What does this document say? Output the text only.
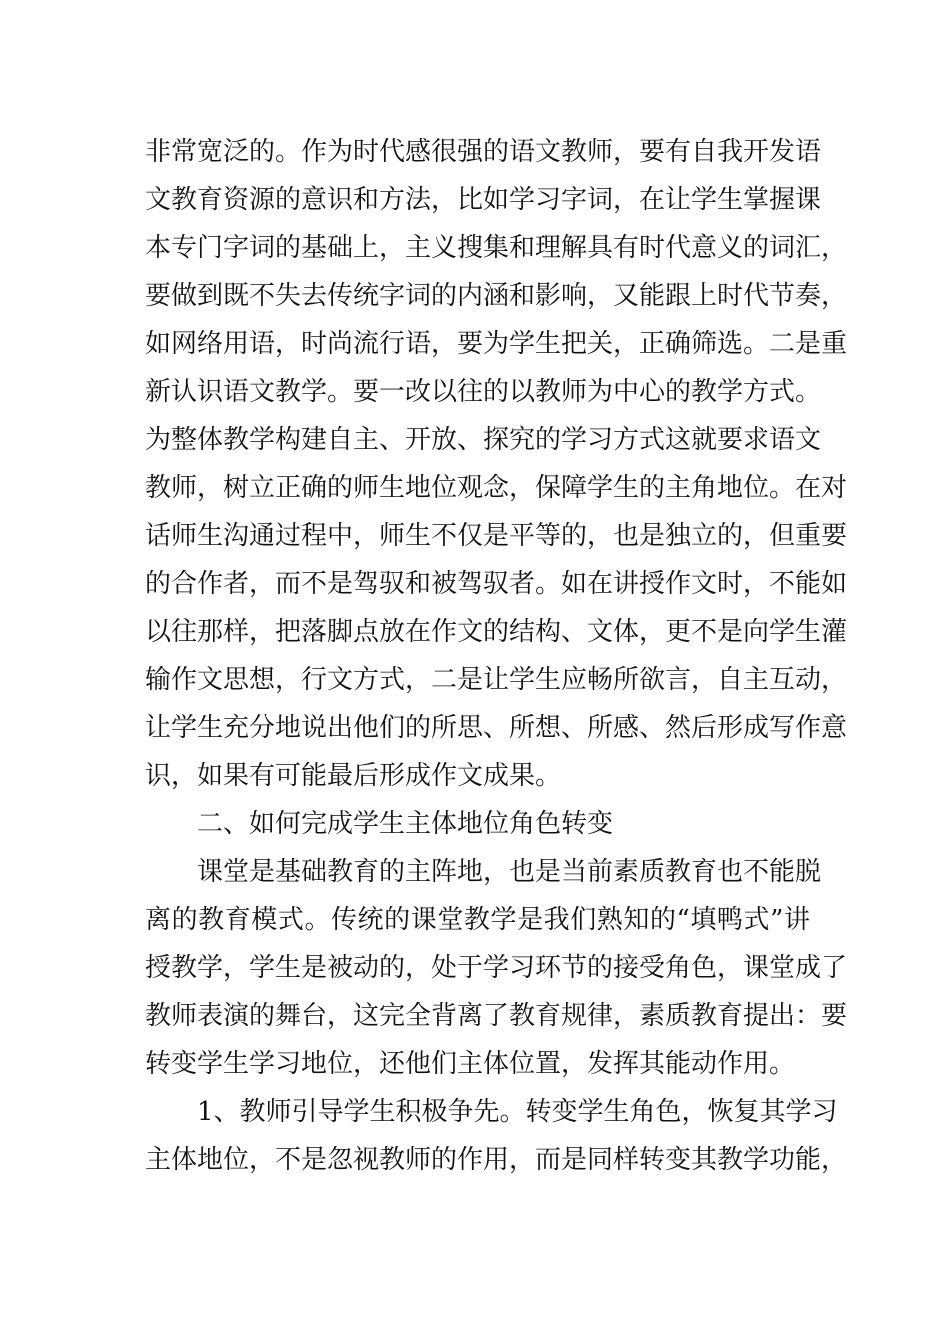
非常宽泛的。作为时代感很强的语文教师，要有自我开发语
文教育资源的意识和方法，比如学习字词，在让学生掌握课
本专门字词的基础上，主义搜集和理解具有时代意义的词汇，
要做到既不失去传统字词的内涵和影响，又能跟上时代节奏，
如网络用语，时尚流行语，要为学生把关，正确筛选。二是重
新认识语文教学。要一改以往的以教师为中心的教学方式。
为整体教学构建自主、开放、探究的学习方式这就要求语文
教师，树立正确的师生地位观念，保障学生的主角地位。在对
话师生沟通过程中，师生不仅是平等的，也是独立的，但重要
的合作者，而不是驾驭和被驾驭者。如在讲授作文时，不能如
以往那样，把落脚点放在作文的结构、文体，更不是向学生灌
输作文思想，行文方式，二是让学生应畅所欲言，自主互动，
让学生充分地说出他们的所思、所想、所感、然后形成写作意
识，如果有可能最后形成作文成果。
二、如何完成学生主体地位角色转变
课堂是基础教育的主阵地，也是当前素质教育也不能脱
离的教育模式。传统的课堂教学是我们熟知的“填鸭式”讲
授教学，学生是被动的，处于学习环节的接受角色，课堂成了
教师表演的舞台，这完全背离了教育规律，素质教育提出：要
转变学生学习地位，还他们主体位置，发挥其能动作用。
1、教师引导学生积极争先。转变学生角色，恢复其学习
主体地位，不是忽视教师的作用，而是同样转变其教学功能，
